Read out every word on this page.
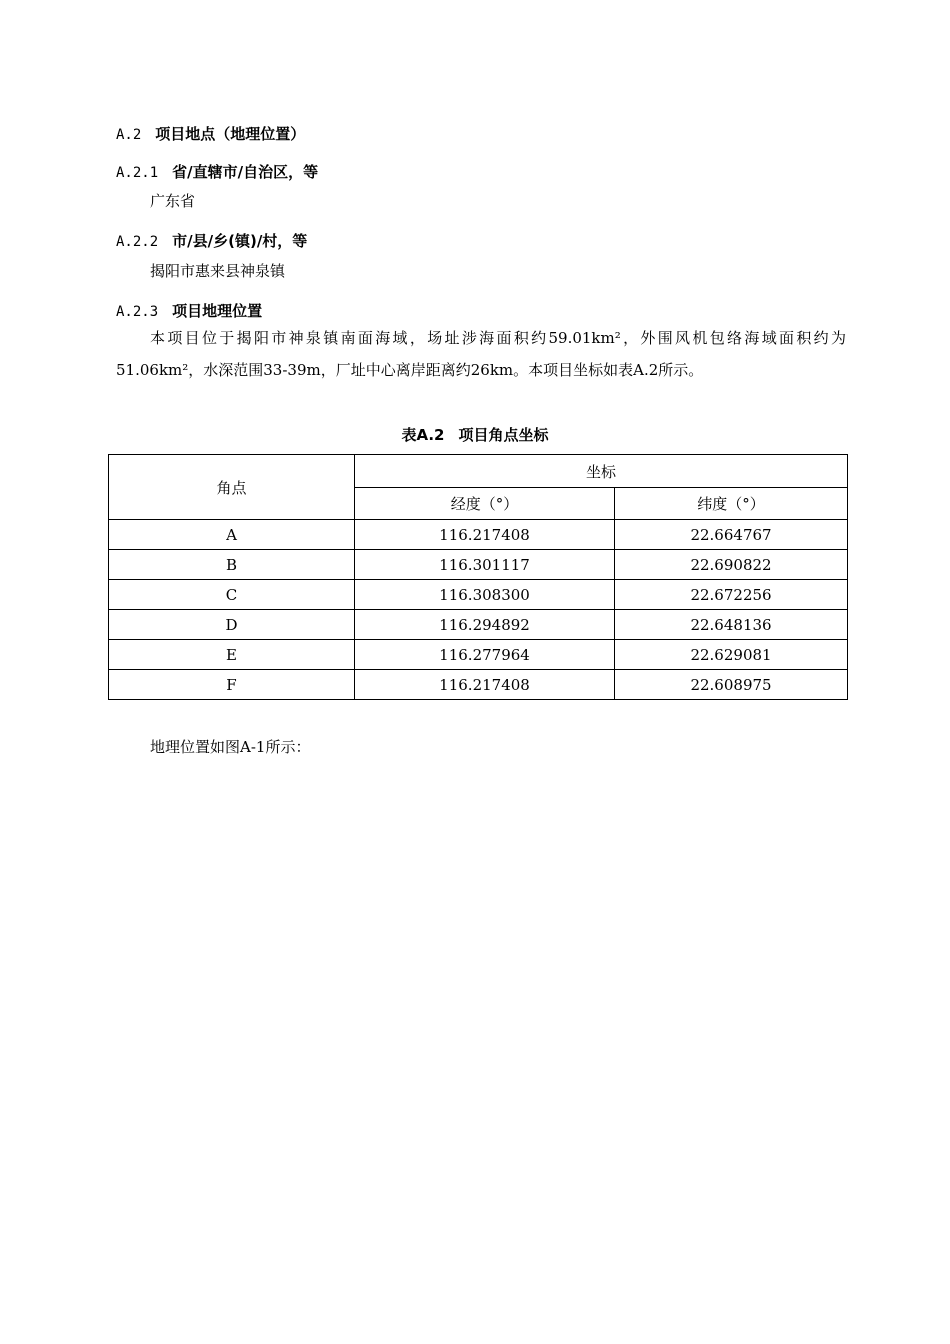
A.2 项目地点（地理位置）
A.2.1 省/直辖市/自治区，等
广东省
A.2.2 市/县/乡(镇)/村，等
揭阳市惠来县神泉镇
A.2.3 项目地理位置
本项目位于揭阳市神泉镇南面海域，场址涉海面积约59.01km²，外围风机包络海域面积约为51.06km²，水深范围33-39m，厂址中心离岸距离约26km。本项目坐标如表A.2所示。
表A.2 项目角点坐标
角点	坐标	
	经度（°）	纬度（°）
A	116.217408	22.664767
B	116.301117	22.690822
C	116.308300	22.672256
D	116.294892	22.648136
E	116.277964	22.629081
F	116.217408	22.608975
地理位置如图A-1所示：
